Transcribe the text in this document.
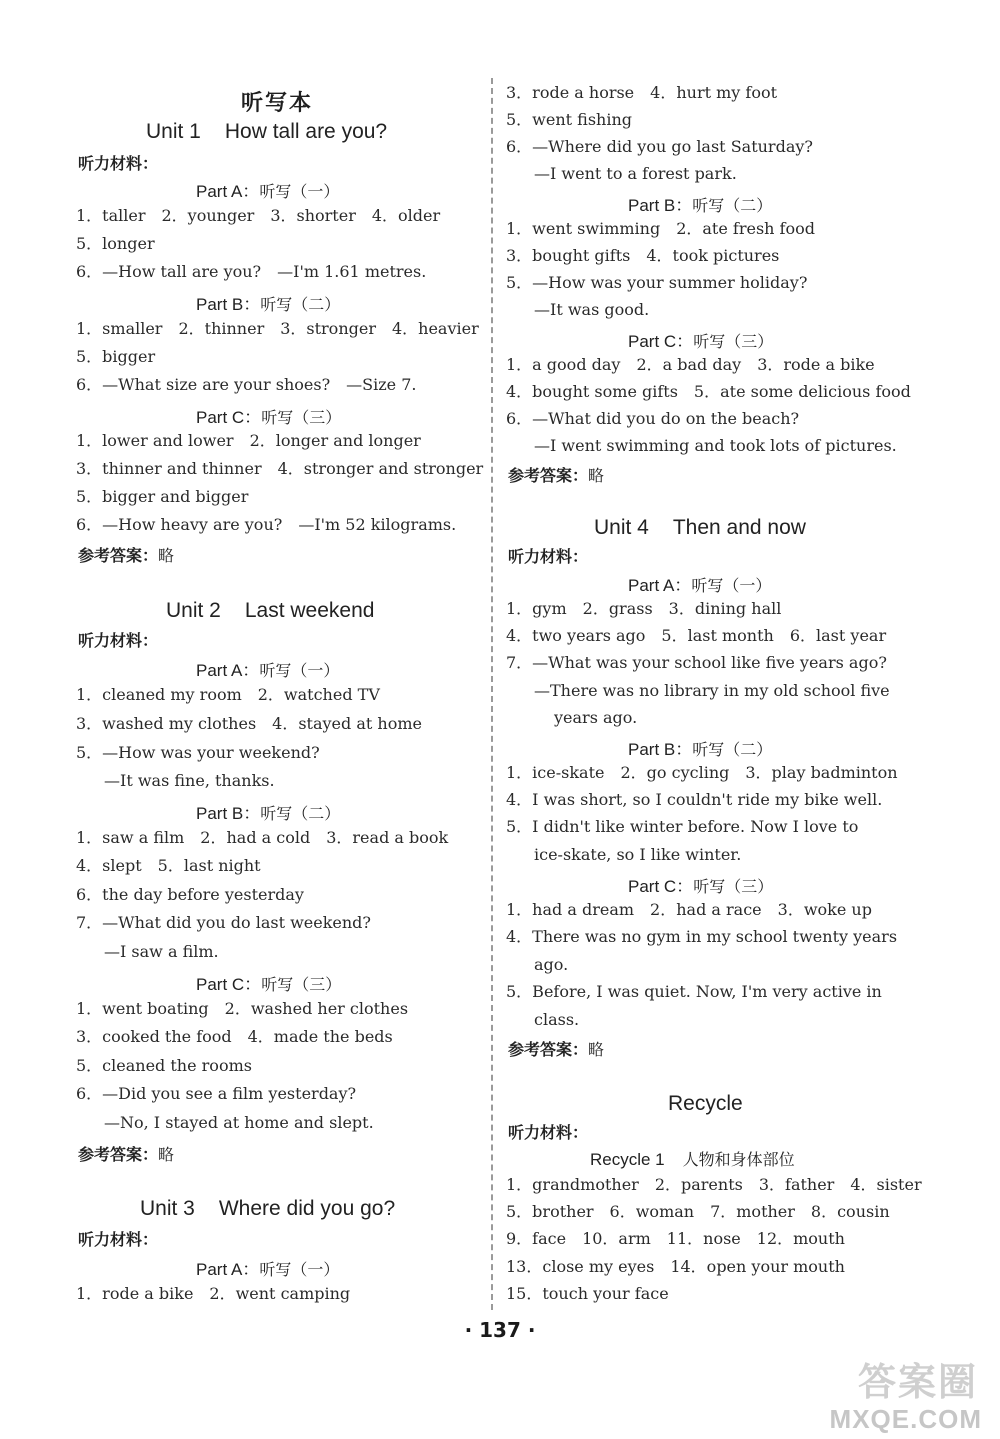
听写本
Unit 1 How tall are you?
听力材料：
Part A：听写（一）
1．taller　2．younger　3．shorter　4．older
5．longer
6．—How tall are you?　—I'm 1.61 metres.
Part B：听写（二）
1．smaller　2．thinner　3．stronger　4．heavier
5．bigger
6．—What size are your shoes?　—Size 7.
Part C：听写（三）
1．lower and lower　2．longer and longer
3．thinner and thinner　4．stronger and stronger
5．bigger and bigger
6．—How heavy are you?　—I'm 52 kilograms.
参考答案：略
Unit 2 Last weekend
听力材料：
Part A：听写（一）
1．cleaned my room　2．watched TV
3．washed my clothes　4．stayed at home
5．—How was your weekend?
—It was fine, thanks.
Part B：听写（二）
1．saw a film　2．had a cold　3．read a book
4．slept　5．last night
6．the day before yesterday
7．—What did you do last weekend?
—I saw a film.
Part C：听写（三）
1．went boating　2．washed her clothes
3．cooked the food　4．made the beds
5．cleaned the rooms
6．—Did you see a film yesterday?
—No, I stayed at home and slept.
参考答案：略
Unit 3 Where did you go?
听力材料：
Part A：听写（一）
1．rode a bike　2．went camping
3．rode a horse　4．hurt my foot
5．went fishing
6．—Where did you go last Saturday?
—I went to a forest park.
Part B：听写（二）
1．went swimming　2．ate fresh food
3．bought gifts　4．took pictures
5．—How was your summer holiday?
—It was good.
Part C：听写（三）
1．a good day　2．a bad day　3．rode a bike
4．bought some gifts　5．ate some delicious food
6．—What did you do on the beach?
—I went swimming and took lots of pictures.
参考答案：略
Unit 4 Then and now
听力材料：
Part A：听写（一）
1．gym　2．grass　3．dining hall
4．two years ago　5．last month　6．last year
7．—What was your school like five years ago?
—There was no library in my old school five
years ago.
Part B：听写（二）
1．ice-skate　2．go cycling　3．play badminton
4．I was short, so I couldn't ride my bike well.
5．I didn't like winter before. Now I love to
ice-skate, so I like winter.
Part C：听写（三）
1．had a dream　2．had a race　3．woke up
4．There was no gym in my school twenty years
ago.
5．Before, I was quiet. Now, I'm very active in
class.
参考答案：略
Recycle
听力材料：
Recycle 1 人物和身体部位
1．grandmother　2．parents　3．father　4．sister
5．brother　6．woman　7．mother　8．cousin
9．face　10．arm　11．nose　12．mouth
13．close my eyes　14．open your mouth
15．touch your face
· 137 ·
答案圈
MXQE.COM
